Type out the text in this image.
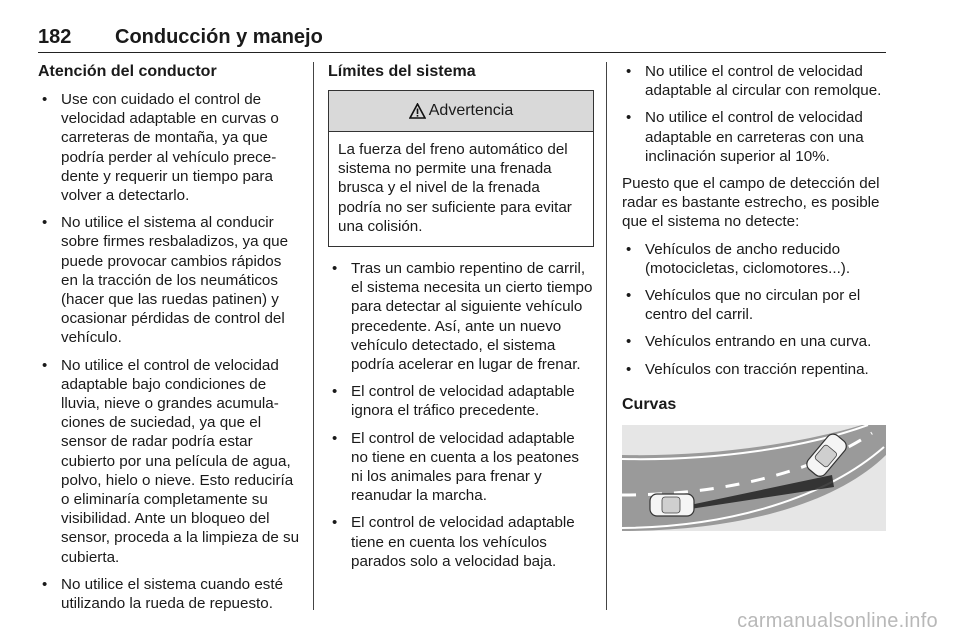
182 Conducción y manejo
Atención del conductor
• Use con cuidado el control de velocidad adaptable en curvas o carreteras de montaña, ya que podría perder al vehículo precedente y requerir un tiempo para volver a detectarlo.
• No utilice el sistema al conducir sobre firmes resbaladizos, ya que puede provocar cambios rápidos en la tracción de los neumáticos (hacer que las ruedas patinen) y ocasionar pérdidas de control del vehículo.
• No utilice el control de velocidad adaptable bajo condiciones de lluvia, nieve o grandes acumulaciones de suciedad, ya que el sensor de radar podría estar cubierto por una película de agua, polvo, hielo o nieve. Esto reduciría o eliminaría completamente su visibilidad. Ante un bloqueo del sensor, proceda a la limpieza de su cubierta.
• No utilice el sistema cuando esté utilizando la rueda de repuesto.
Límites del sistema
Advertencia
La fuerza del freno automático del sistema no permite una frenada brusca y el nivel de la frenada podría no ser suficiente para evitar una colisión.
• Tras un cambio repentino de carril, el sistema necesita un cierto tiempo para detectar al siguiente vehículo precedente. Así, ante un nuevo vehículo detectado, el sistema podría acelerar en lugar de frenar.
• El control de velocidad adaptable ignora el tráfico precedente.
• El control de velocidad adaptable no tiene en cuenta a los peatones ni los animales para frenar y reanudar la marcha.
• El control de velocidad adaptable tiene en cuenta los vehículos parados solo a velocidad baja.
• No utilice el control de velocidad adaptable al circular con remolque.
• No utilice el control de velocidad adaptable en carreteras con una inclinación superior al 10%.

Puesto que el campo de detección del radar es bastante estrecho, es posible que el sistema no detecte:

• Vehículos de ancho reducido (motocicletas, ciclomotores...).
• Vehículos que no circulan por el centro del carril.
• Vehículos entrando en una curva.
• Vehículos con tracción repentina.
Curvas
carmanualsonline.info
